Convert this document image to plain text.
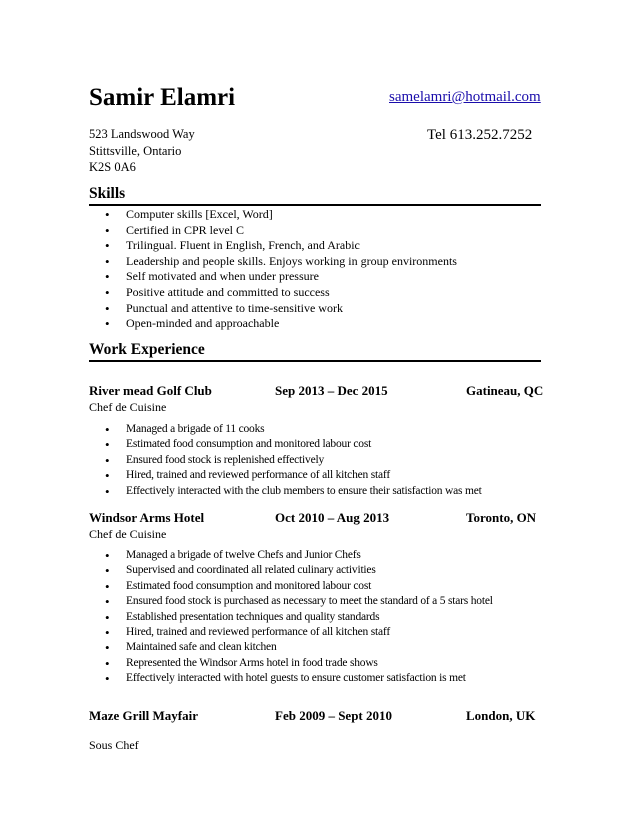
Samir Elamri	samelamri@hotmail.com
523 Landswood Way	Tel 613.252.7252
Stittsville, Ontario
K2S 0A6
Skills
• Computer skills [Excel, Word]
• Certified in CPR level C
• Trilingual. Fluent in English, French, and Arabic
• Leadership and people skills. Enjoys working in group environments
• Self motivated and when under pressure
• Positive attitude and committed to success
• Punctual and attentive to time-sensitive work
• Open-minded and approachable
Work Experience
River mead Golf Club	Sep 2013 – Dec 2015	Gatineau, QC
Chef de Cuisine
• Managed a brigade of 11 cooks
• Estimated food consumption and monitored labour cost
• Ensured food stock is replenished effectively
• Hired, trained and reviewed performance of all kitchen staff
• Effectively interacted with the club members to ensure their satisfaction was met
Windsor Arms Hotel	Oct 2010 – Aug 2013	Toronto, ON
Chef de Cuisine
• Managed a brigade of twelve Chefs and Junior Chefs
• Supervised and coordinated all related culinary activities
• Estimated food consumption and monitored labour cost
• Ensured food stock is purchased as necessary to meet the standard of a 5 stars hotel
• Established presentation techniques and quality standards
• Hired, trained and reviewed performance of all kitchen staff
• Maintained safe and clean kitchen
• Represented the Windsor Arms hotel in food trade shows
• Effectively interacted with hotel guests to ensure customer satisfaction is met
Maze Grill Mayfair	Feb 2009 – Sept 2010	London, UK
Sous Chef
